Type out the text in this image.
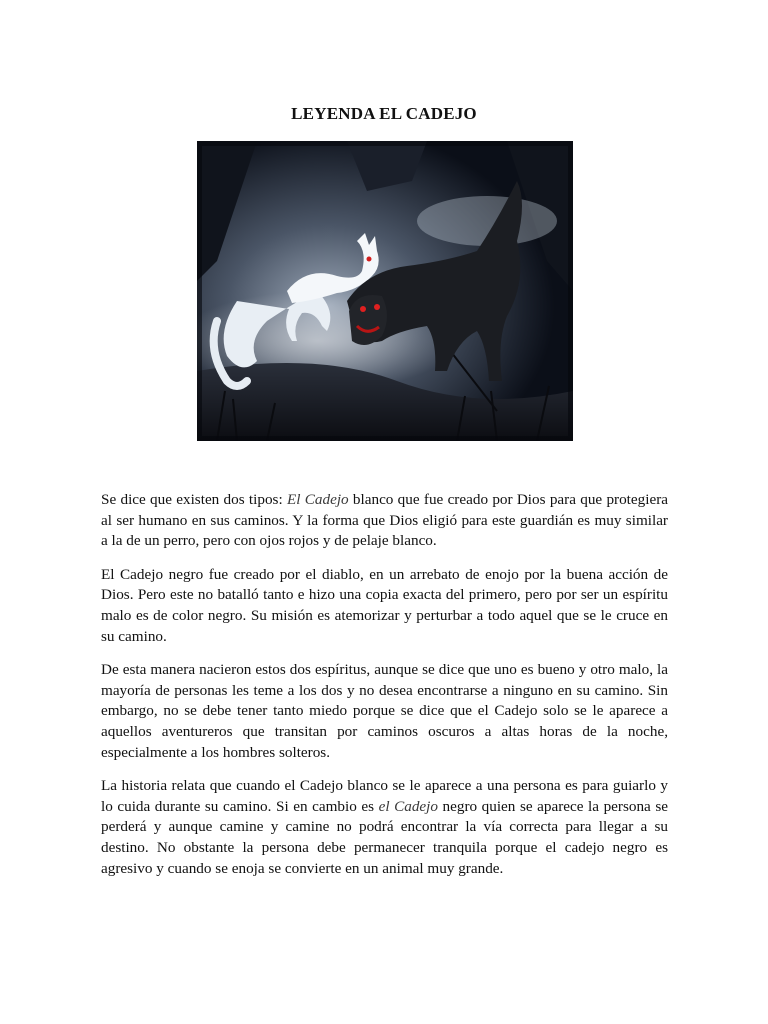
LEYENDA EL CADEJO

Se dice que existen dos tipos: El Cadejo blanco que fue creado por Dios para que protegiera al ser humano en sus caminos. Y la forma que Dios eligió para este guardián es muy similar a la de un perro, pero con ojos rojos y de pelaje blanco.

El Cadejo negro fue creado por el diablo, en un arrebato de enojo por la buena acción de Dios. Pero este no batalló tanto e hizo una copia exacta del primero, pero por ser un espíritu malo es de color negro. Su misión es atemorizar y perturbar a todo aquel que se le cruce en su camino.

De esta manera nacieron estos dos espíritus, aunque se dice que uno es bueno y otro malo, la mayoría de personas les teme a los dos y no desea encontrarse a ninguno en su camino. Sin embargo, no se debe tener tanto miedo porque se dice que el Cadejo solo se le aparece a aquellos aventureros que transitan por caminos oscuros a altas horas de la noche, especialmente a los hombres solteros.

La historia relata que cuando el Cadejo blanco se le aparece a una persona es para guiarlo y lo cuida durante su camino. Si en cambio es el Cadejo negro quien se aparece la persona se perderá y aunque camine y camine no podrá encontrar la vía correcta para llegar a su destino. No obstante la persona debe permanecer tranquila porque el cadejo negro es agresivo y cuando se enoja se convierte en un animal muy grande.
